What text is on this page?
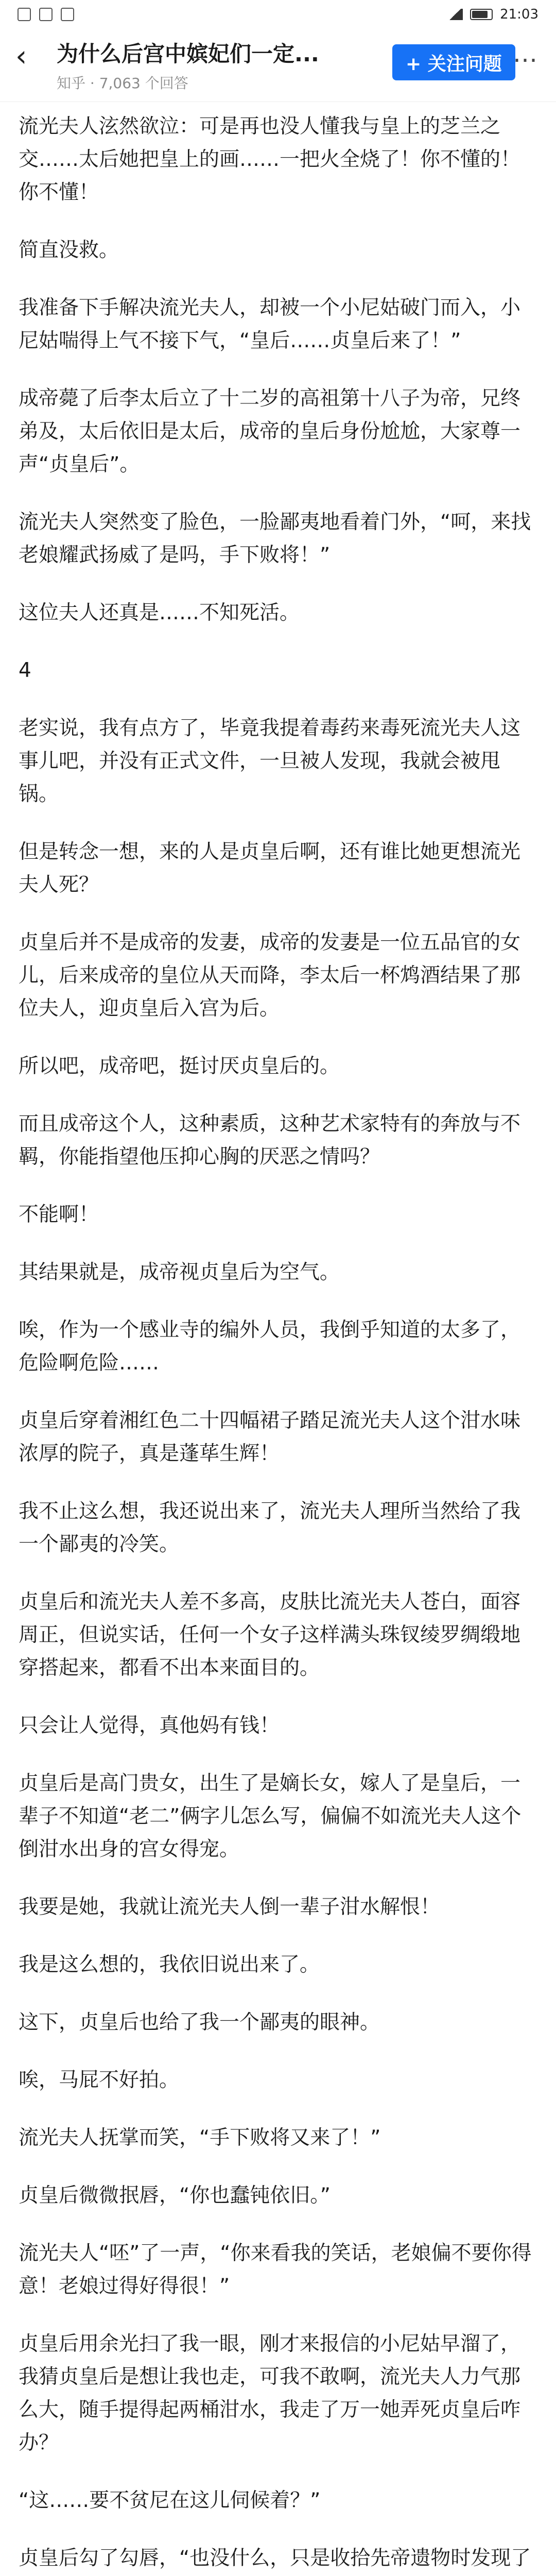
21:03
‹ 为什么后宫中嫔妃们一定...
知乎 · 7,063 个回答
+ 关注问题 ⋯

流光夫人泫然欲泣：可是再也没人懂我与皇上的芝兰之交……太后她把皇上的画……一把火全烧了！你不懂的！你不懂！

简直没救。

我准备下手解决流光夫人，却被一个小尼姑破门而入，小尼姑喘得上气不接下气，“皇后……贞皇后来了！”

成帝薨了后李太后立了十二岁的高祖第十八子为帝，兄终弟及，太后依旧是太后，成帝的皇后身份尬尬，大家尊一声“贞皇后”。

流光夫人突然变了脸色，一脸鄙夷地看着门外，“呵，来找老娘耀武扬威了是吗，手下败将！”

这位夫人还真是……不知死活。

4

老实说，我有点方了，毕竟我提着毒药来毒死流光夫人这事儿吧，并没有正式文件，一旦被人发现，我就会被甩锅。

但是转念一想，来的人是贞皇后啊，还有谁比她更想流光夫人死？

贞皇后并不是成帝的发妻，成帝的发妻是一位五品官的女儿，后来成帝的皇位从天而降，李太后一杯鸩酒结果了那位夫人，迎贞皇后入宫为后。

所以吧，成帝吧，挺讨厌贞皇后的。

而且成帝这个人，这种素质，这种艺术家特有的奔放与不羁，你能指望他压抑心胸的厌恶之情吗？

不能啊！

其结果就是，成帝视贞皇后为空气。

唉，作为一个感业寺的编外人员，我倒乎知道的太多了，危险啊危险……

贞皇后穿着湘红色二十四幅裙子踏足流光夫人这个泔水味浓厚的院子，真是蓬荜生辉！

我不止这么想，我还说出来了，流光夫人理所当然给了我一个鄙夷的冷笑。

贞皇后和流光夫人差不多高，皮肤比流光夫人苍白，面容周正，但说实话，任何一个女子这样满头珠钗绫罗绸缎地穿搭起来，都看不出本来面目的。

只会让人觉得，真他妈有钱！

贞皇后是高门贵女，出生了是嫡长女，嫁人了是皇后，一辈子不知道“老二”俩字儿怎么写，偏偏不如流光夫人这个倒泔水出身的宫女得宠。

我要是她，我就让流光夫人倒一辈子泔水解恨！

我是这么想的，我依旧说出来了。

这下，贞皇后也给了我一个鄙夷的眼神。

唉，马屁不好拍。

流光夫人抚掌而笑，“手下败将又来了！”

贞皇后微微抿唇，“你也蠢钝依旧。”

流光夫人“呸”了一声，“你来看我的笑话，老娘偏不要你得意！老娘过得好得很！”

贞皇后用余光扫了我一眼，刚才来报信的小尼姑早溜了，我猜贞皇后是想让我也走，可我不敢啊，流光夫人力气那么大，随手提得起两桶泔水，我走了万一她弄死贞皇后咋办？

“这……要不贫尼在这儿伺候着？”

贞皇后勾了勾唇，“也没什么，只是收拾先帝遗物时发现了
